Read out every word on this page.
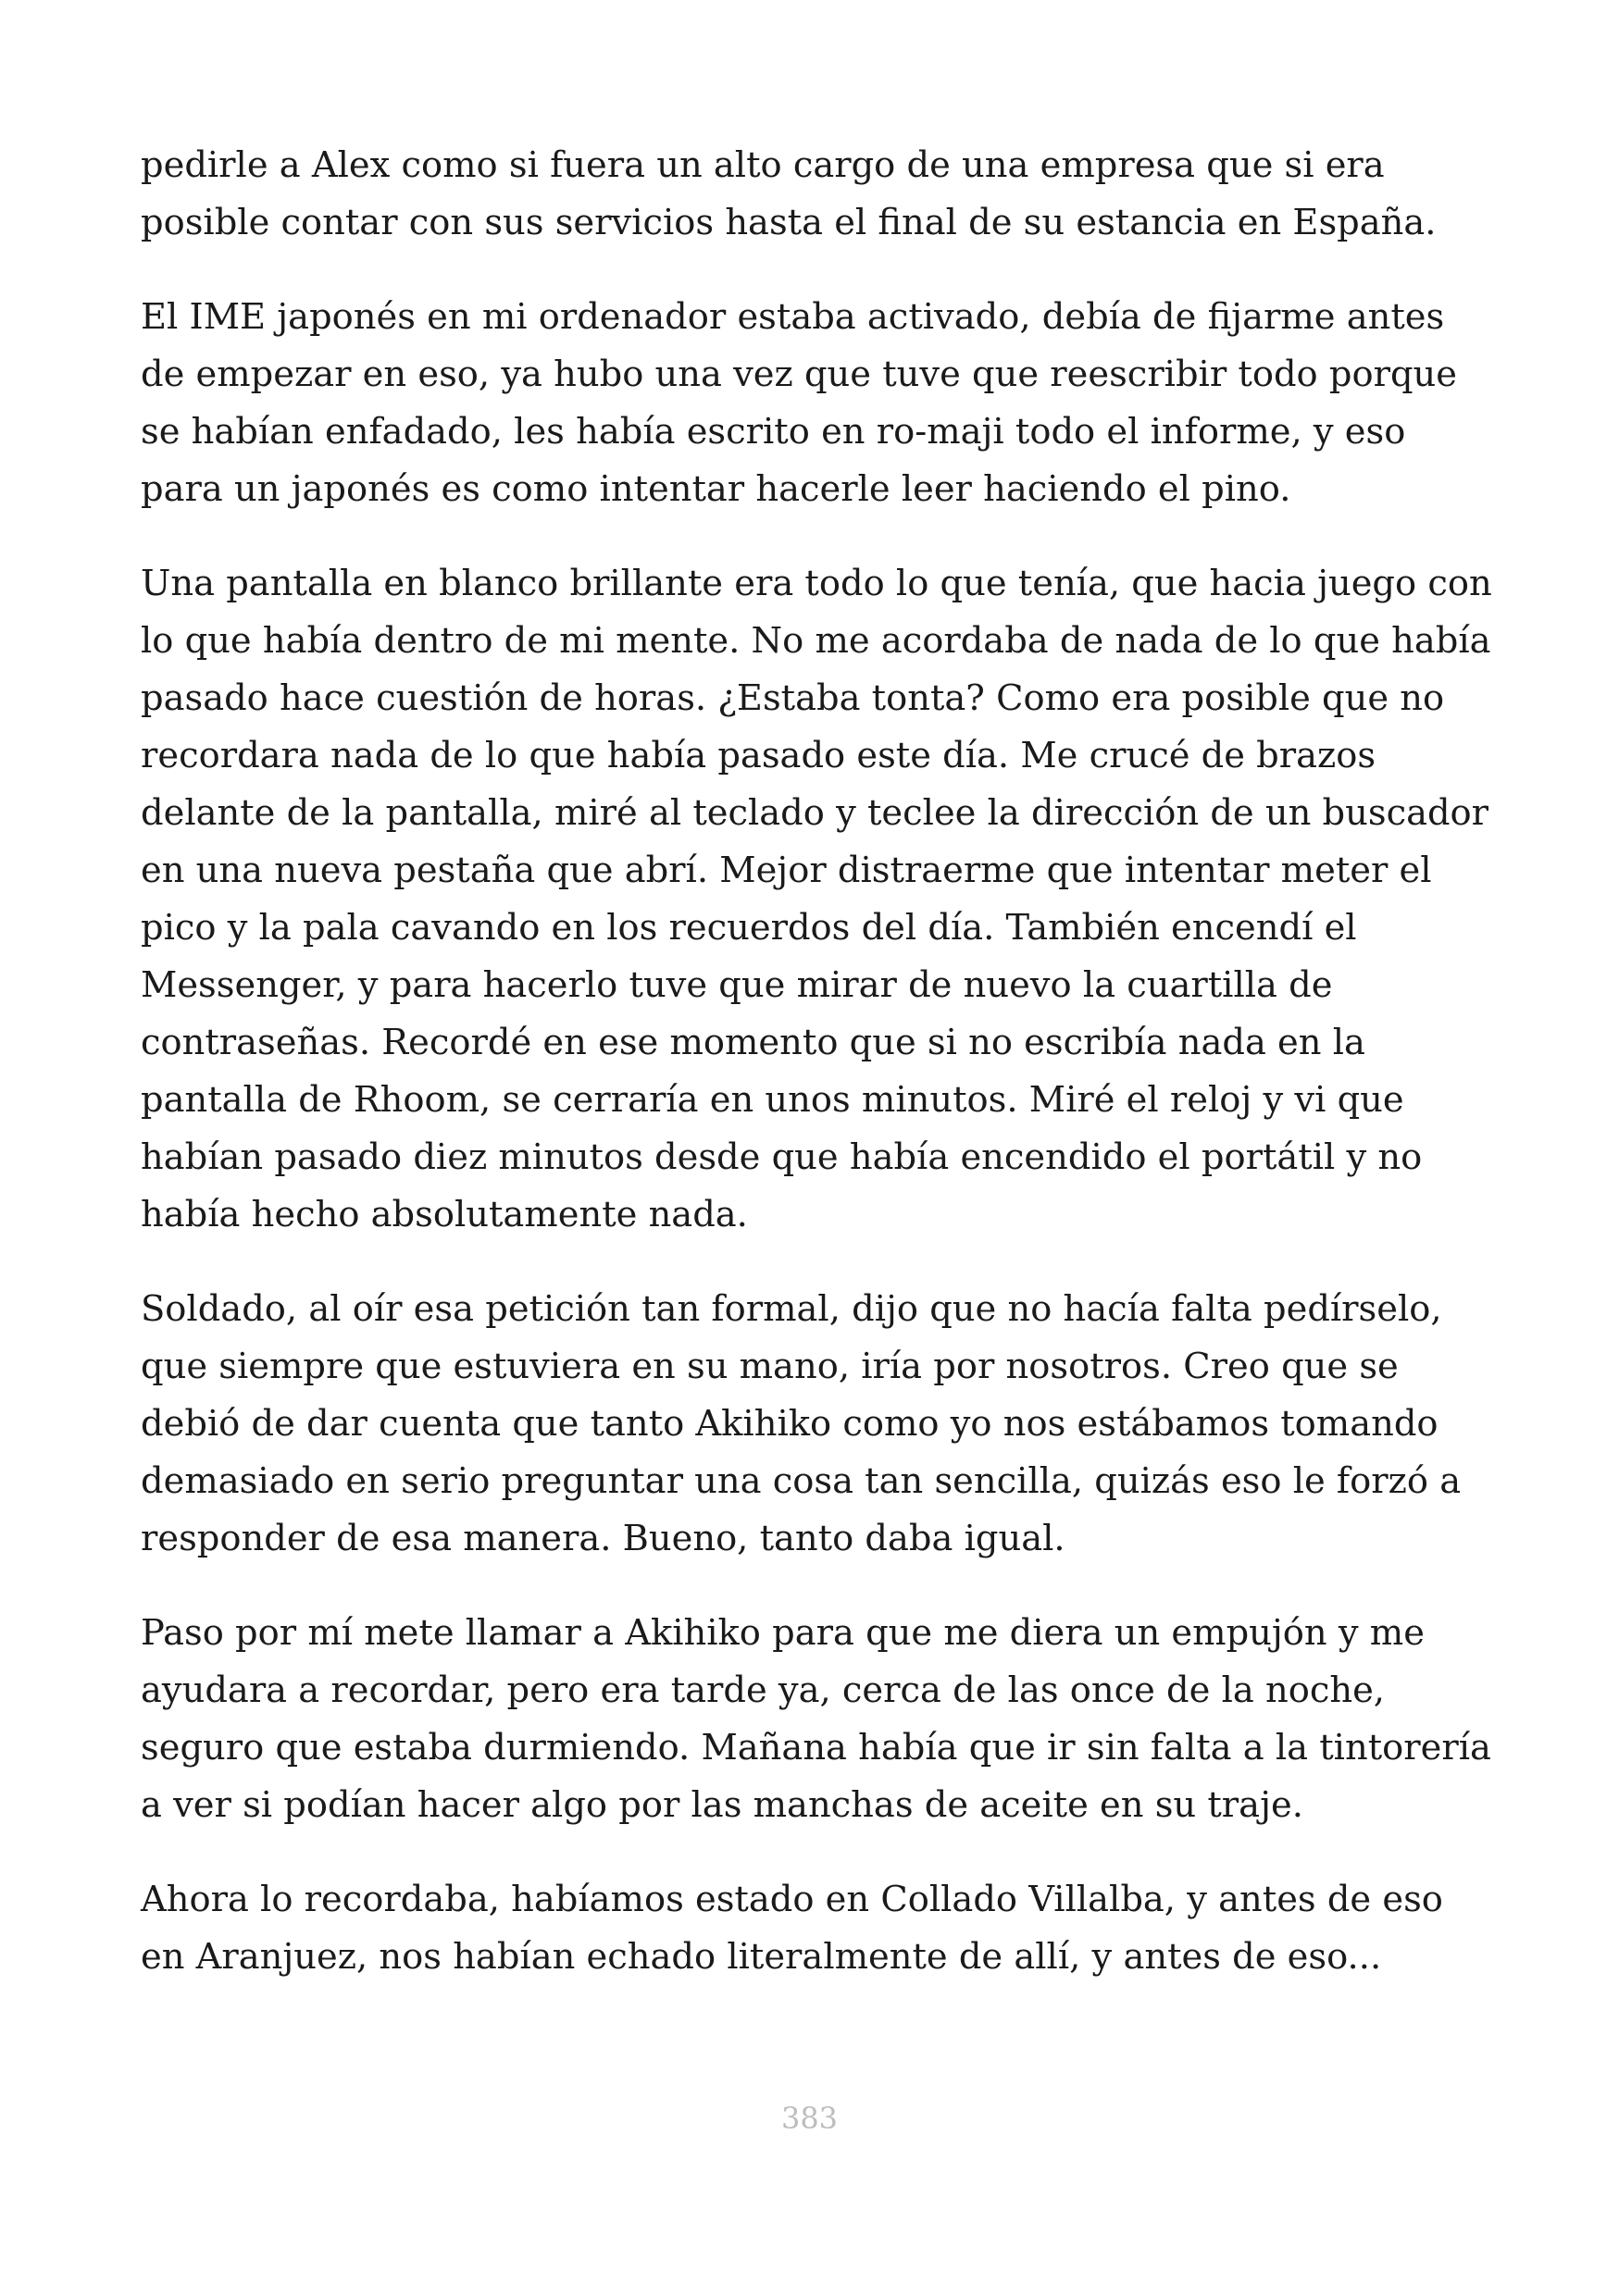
pedirle a Alex como si fuera un alto cargo de una empresa que si era
posible contar con sus servicios hasta el final de su estancia en España.

El IME japonés en mi ordenador estaba activado, debía de fijarme antes
de empezar en eso, ya hubo una vez que tuve que reescribir todo porque
se habían enfadado, les había escrito en ro-maji todo el informe, y eso
para un japonés es como intentar hacerle leer haciendo el pino.

Una pantalla en blanco brillante era todo lo que tenía, que hacia juego con
lo que había dentro de mi mente. No me acordaba de nada de lo que había
pasado hace cuestión de horas. ¿Estaba tonta? Como era posible que no
recordara nada de lo que había pasado este día. Me crucé de brazos
delante de la pantalla, miré al teclado y teclee la dirección de un buscador
en una nueva pestaña que abrí. Mejor distraerme que intentar meter el
pico y la pala cavando en los recuerdos del día. También encendí el
Messenger, y para hacerlo tuve que mirar de nuevo la cuartilla de
contraseñas. Recordé en ese momento que si no escribía nada en la
pantalla de Rhoom, se cerraría en unos minutos. Miré el reloj y vi que
habían pasado diez minutos desde que había encendido el portátil y no
había hecho absolutamente nada.

Soldado, al oír esa petición tan formal, dijo que no hacía falta pedírselo,
que siempre que estuviera en su mano, iría por nosotros. Creo que se
debió de dar cuenta que tanto Akihiko como yo nos estábamos tomando
demasiado en serio preguntar una cosa tan sencilla, quizás eso le forzó a
responder de esa manera. Bueno, tanto daba igual.

Paso por mí mete llamar a Akihiko para que me diera un empujón y me
ayudara a recordar, pero era tarde ya, cerca de las once de la noche,
seguro que estaba durmiendo. Mañana había que ir sin falta a la tintorería
a ver si podían hacer algo por las manchas de aceite en su traje.

Ahora lo recordaba, habíamos estado en Collado Villalba, y antes de eso
en Aranjuez, nos habían echado literalmente de allí, y antes de eso...

383
